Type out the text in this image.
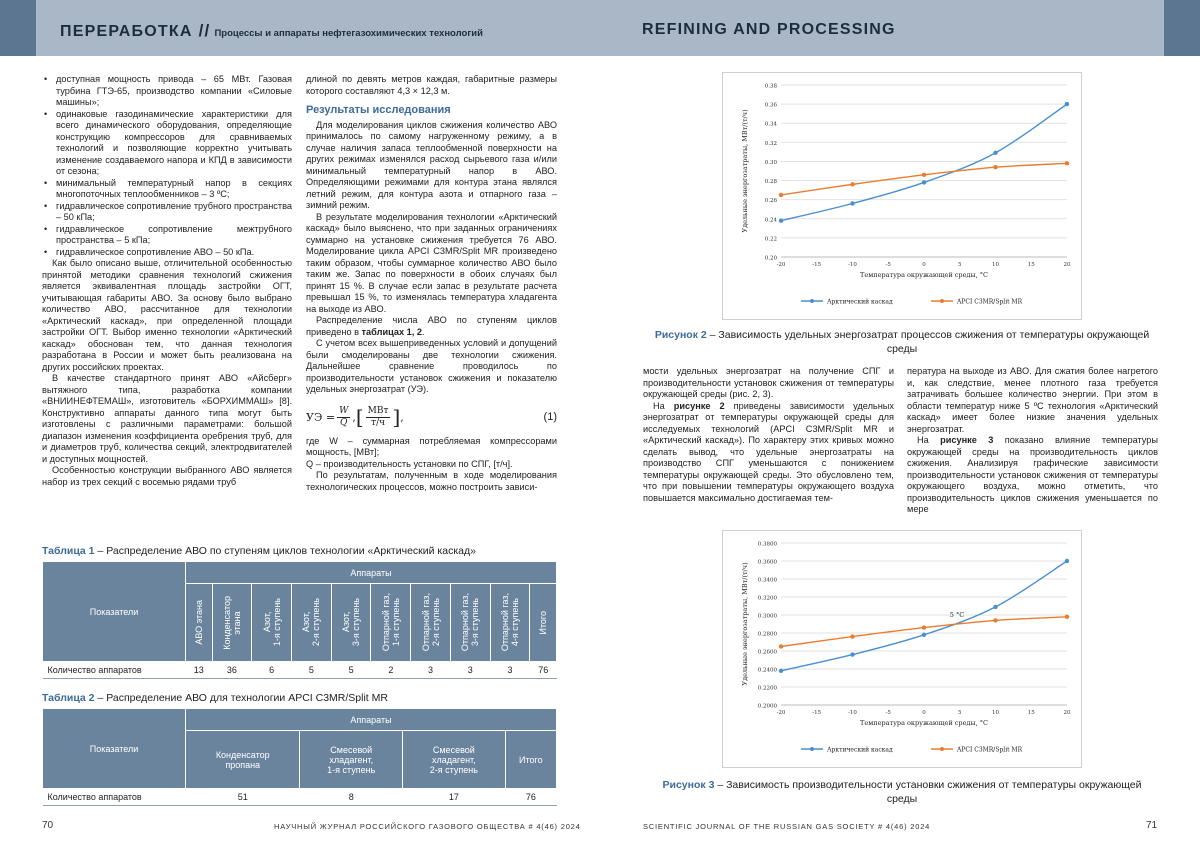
ПЕРЕРАБОТКА // Процессы и аппараты нефтегазохимических технологий	REFINING AND PROCESSING
• доступная мощность привода – 65 МВт. Газовая турбина ГТЭ-65, производство компании «Силовые машины»;
• одинаковые газодинамические характеристики для всего динамического оборудования, определяющие конструкцию компрессоров для сравниваемых технологий и позволяющие корректно учитывать изменение создаваемого напора и КПД в зависимости от сезона;
• минимальный температурный напор в секциях многопоточных теплообменников – 3 ºС;
• гидравлическое сопротивление трубного пространства – 50 кПа;
• гидравлическое сопротивление межтрубного пространства – 5 кПа;
• гидравлическое сопротивление АВО – 50 кПа.

Как было описано выше, отличительной особенностью принятой методики сравнения технологий сжижения является эквивалентная площадь застройки ОГТ, учитывающая габариты АВО. За основу было выбрано количество АВО, рассчитанное для технологии «Арктический каскад», при определенной площади застройки ОГТ. Выбор именно технологии «Арктический каскад» обоснован тем, что данная технология разработана в России и может быть реализована на других российских проектах.

В качестве стандартного принят АВО «Айсберг» вытяжного типа, разработка компании «ВНИИНЕФТЕМАШ», изготовитель «БОРХИММАШ» [8]. Конструктивно аппараты данного типа могут быть изготовлены с различными параметрами: большой диапазон изменения коэффициента оребрения труб, для и диаметров труб, количества секций, электродвигателей и доступных мощностей.

Особенностью конструкции выбранного АВО является набор из трех секций с восемью рядами труб

длиной по девять метров каждая, габаритные размеры которого составляют 4,3 × 12,3 м.

Результаты исследования

Для моделирования циклов сжижения количество АВО принималось по самому нагруженному режиму, а в случае наличия запаса теплообменной поверхности на других режимах изменялся расход сырьевого газа и/или минимальный температурный напор в АВО. Определяющими режимами для контура этана являлся летний режим, для контура азота и отпарного газа – зимний режим.

В результате моделирования технологии «Арктический каскад» было выяснено, что при заданных ограничениях суммарно на установке сжижения требуется 76 АВО. Моделирование цикла APCI C3MR/Split MR произведено таким образом, чтобы суммарное количество АВО было таким же. Запас по поверхности в обоих случаях был принят 15 %. В случае если запас в результате расчета превышал 15 %, то изменялась температура хладагента на выходе из АВО.

Распределение числа АВО по ступеням циклов приведено в таблицах 1, 2.

С учетом всех вышеприведенных условий и допущений были смоделированы две технологии сжижения. Дальнейшее сравнение проводилось по производительности установок сжижения и показателю удельных энергозатрат (УЭ).

УЭ =
W
Q , [ МВт
т/ч ] ,	(1)

где W – суммарная потребляемая компрессорами мощность, [МВт];

Q – производительность установки по СПГ, [т/ч].

По результатам, полученным в ходе моделирования технологических процессов, можно построить зависи-

Таблица 1 – Распределение АВО по ступеням циклов технологии «Арктический каскад»
Показатели	Аппараты

АВО этана	Конденсатор этана	Азот, 1-я ступень	Азот, 2-я ступень	Азот, 3-я ступень	Отпарной газ, 1-я ступень	Отпарной газ, 2-я ступень	Отпарной газ, 3-я ступень	Отпарной газ, 4-я ступень	Итого

Количество аппаратов	13	36	6	5	5	2	3	3	3	76
Таблица 2 – Распределение АВО для технологии APCI C3MR/Split MR
Показатели	Аппараты

Конденсатор
пропана

Смесевой
хладагент,
1-я ступень

Смесевой
хладагент,
2-я ступень

Итого

Количество аппаратов	51	8	17	76
0.20
0.22
0.24
0.26
0.28
0.30
0.32
0.34
0.36
0.38
-20	-15	-10	-5	0	5	10	15	20
Температура окружающей среды, °C
Удельные энергозатраты, МВт/(т/ч)
Арктический каскад	APCI C3MR/Split MR
Рисунок 2 – Зависимость удельных энергозатрат процессов сжижения от температуры окружающей среды

мости удельных энергозатрат на получение СПГ и производительности установок сжижения от температуры окружающей среды (рис. 2, 3).

На рисунке 2 приведены зависимости удельных энергозатрат от температуры окружающей среды для исследуемых технологий (APCI C3MR/Split MR и «Арктический каскад»). По характеру этих кривых можно сделать вывод, что удельные энергозатраты на производство СПГ уменьшаются с понижением температуры окружающей среды. Это обусловлено тем, что при повышении температуры окружающего воздуха повышается максимально достигаемая тем-

пература на выходе из АВО. Для сжатия более нагретого и, как следствие, менее плотного газа требуется затрачивать большее количество энергии. При этом в области температур ниже 5 ºС технология «Арктический каскад» имеет более низкие значения удельных энергозатрат.

На рисунке 3 показано влияние температуры окружающей среды на производительность циклов сжижения. Анализируя графические зависимости производительности установок сжижения от температуры окружающего воздуха, можно отметить, что производительность циклов сжижения уменьшается по мере

0.2000
0.2200
0.2400
0.2600
0.2800
0.3000
0.3200
0.3400
0.3600
0.3800
-20	-15	-10	-5	0	5	10	15	20
Температура окружающей среды, °C
Удельные энергозатраты, МВт/(т/ч)	5 °C
Арктический каскад	APCI C3MR/Split MR
Рисунок 3 – Зависимость производительности установки сжижения от температуры окружающей среды
70	НАУЧНЫЙ ЖУРНАЛ РОССИЙСКОГО ГАЗОВОГО ОБЩЕСТВА # 4(46) 2024	SCIENTIFIC JOURNAL OF THE RUSSIAN GAS SOCIETY # 4(46) 2024	71
